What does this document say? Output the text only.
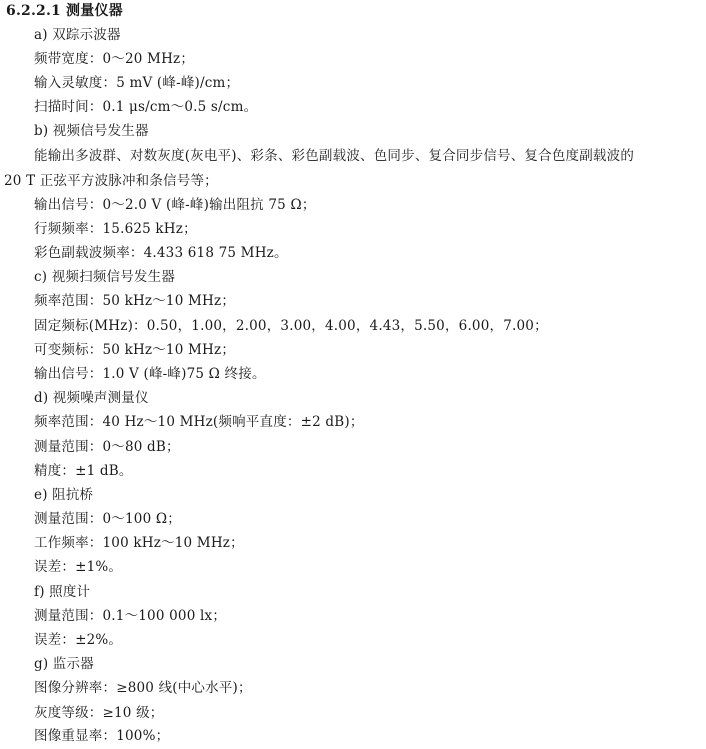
6.2.2.1 测量仪器
a) 双踪示波器
频带宽度：0～20 MHz；
输入灵敏度：5 mV (峰-峰)/cm；
扫描时间：0.1 μs/cm～0.5 s/cm。
b) 视频信号发生器
能输出多波群、对数灰度(灰电平)、彩条、彩色副载波、色同步、复合同步信号、复合色度副载波的
20 T 正弦平方波脉冲和条信号等；
输出信号：0～2.0 V (峰-峰)输出阻抗 75 Ω；
行频频率：15.625 kHz；
彩色副载波频率：4.433 618 75 MHz。
c) 视频扫频信号发生器
频率范围：50 kHz～10 MHz；
固定频标(MHz)：0.50，1.00，2.00，3.00，4.00，4.43，5.50，6.00，7.00；
可变频标：50 kHz～10 MHz；
输出信号：1.0 V (峰-峰)75 Ω 终接。
d) 视频噪声测量仪
频率范围：40 Hz～10 MHz(频响平直度：±2 dB)；
测量范围：0～80 dB；
精度：±1 dB。
e) 阻抗桥
测量范围：0～100 Ω；
工作频率：100 kHz～10 MHz；
误差：±1%。
f) 照度计
测量范围：0.1～100 000 lx；
误差：±2%。
g) 监示器
图像分辨率：≥800 线(中心水平)；
灰度等级：≥10 级；
图像重显率：100%；
